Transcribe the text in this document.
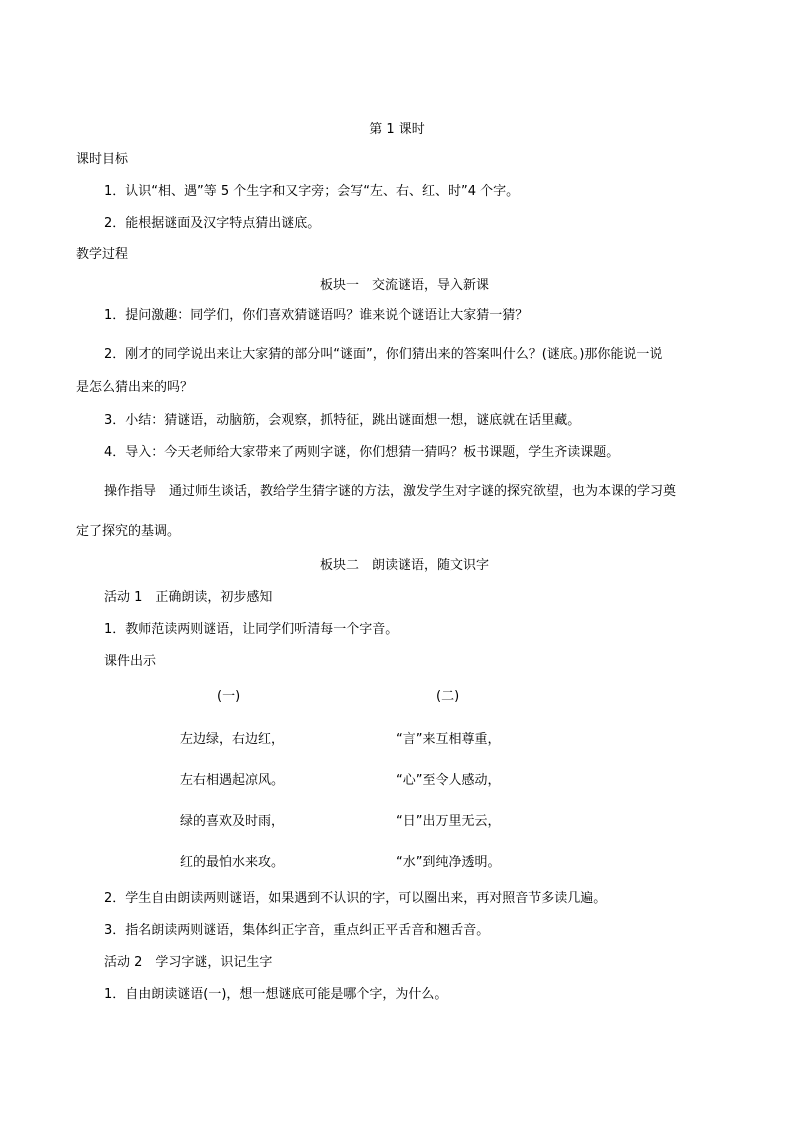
第 1 课时
课时目标
1．认识“相、遇”等 5 个生字和又字旁；会写“左、右、红、时”4 个字。
2．能根据谜面及汉字特点猜出谜底。
教学过程
板块一　交流谜语，导入新课
1．提问激趣：同学们，你们喜欢猜谜语吗？谁来说个谜语让大家猜一猜？
2．刚才的同学说出来让大家猜的部分叫“谜面”，你们猜出来的答案叫什么？(谜底。)那你能说一说
是怎么猜出来的吗？
3．小结：猜谜语，动脑筋，会观察，抓特征，跳出谜面想一想，谜底就在话里藏。
4．导入：今天老师给大家带来了两则字谜，你们想猜一猜吗？板书课题，学生齐读课题。
操作指导　通过师生谈话，教给学生猜字谜的方法，激发学生对字谜的探究欲望，也为本课的学习奠
定了探究的基调。
板块二　朗读谜语，随文识字
活动 1　正确朗读，初步感知
1．教师范读两则谜语，让同学们听清每一个字音。
课件出示
(一)	(二)
左边绿，右边红，
左右相遇起凉风。
绿的喜欢及时雨，
红的最怕水来攻。
“言”来互相尊重，
“心”至令人感动，
“日”出万里无云，
“水”到纯净透明。
2．学生自由朗读两则谜语，如果遇到不认识的字，可以圈出来，再对照音节多读几遍。
3．指名朗读两则谜语，集体纠正字音，重点纠正平舌音和翘舌音。
活动 2　学习字谜，识记生字
1．自由朗读谜语(一)，想一想谜底可能是哪个字，为什么。
